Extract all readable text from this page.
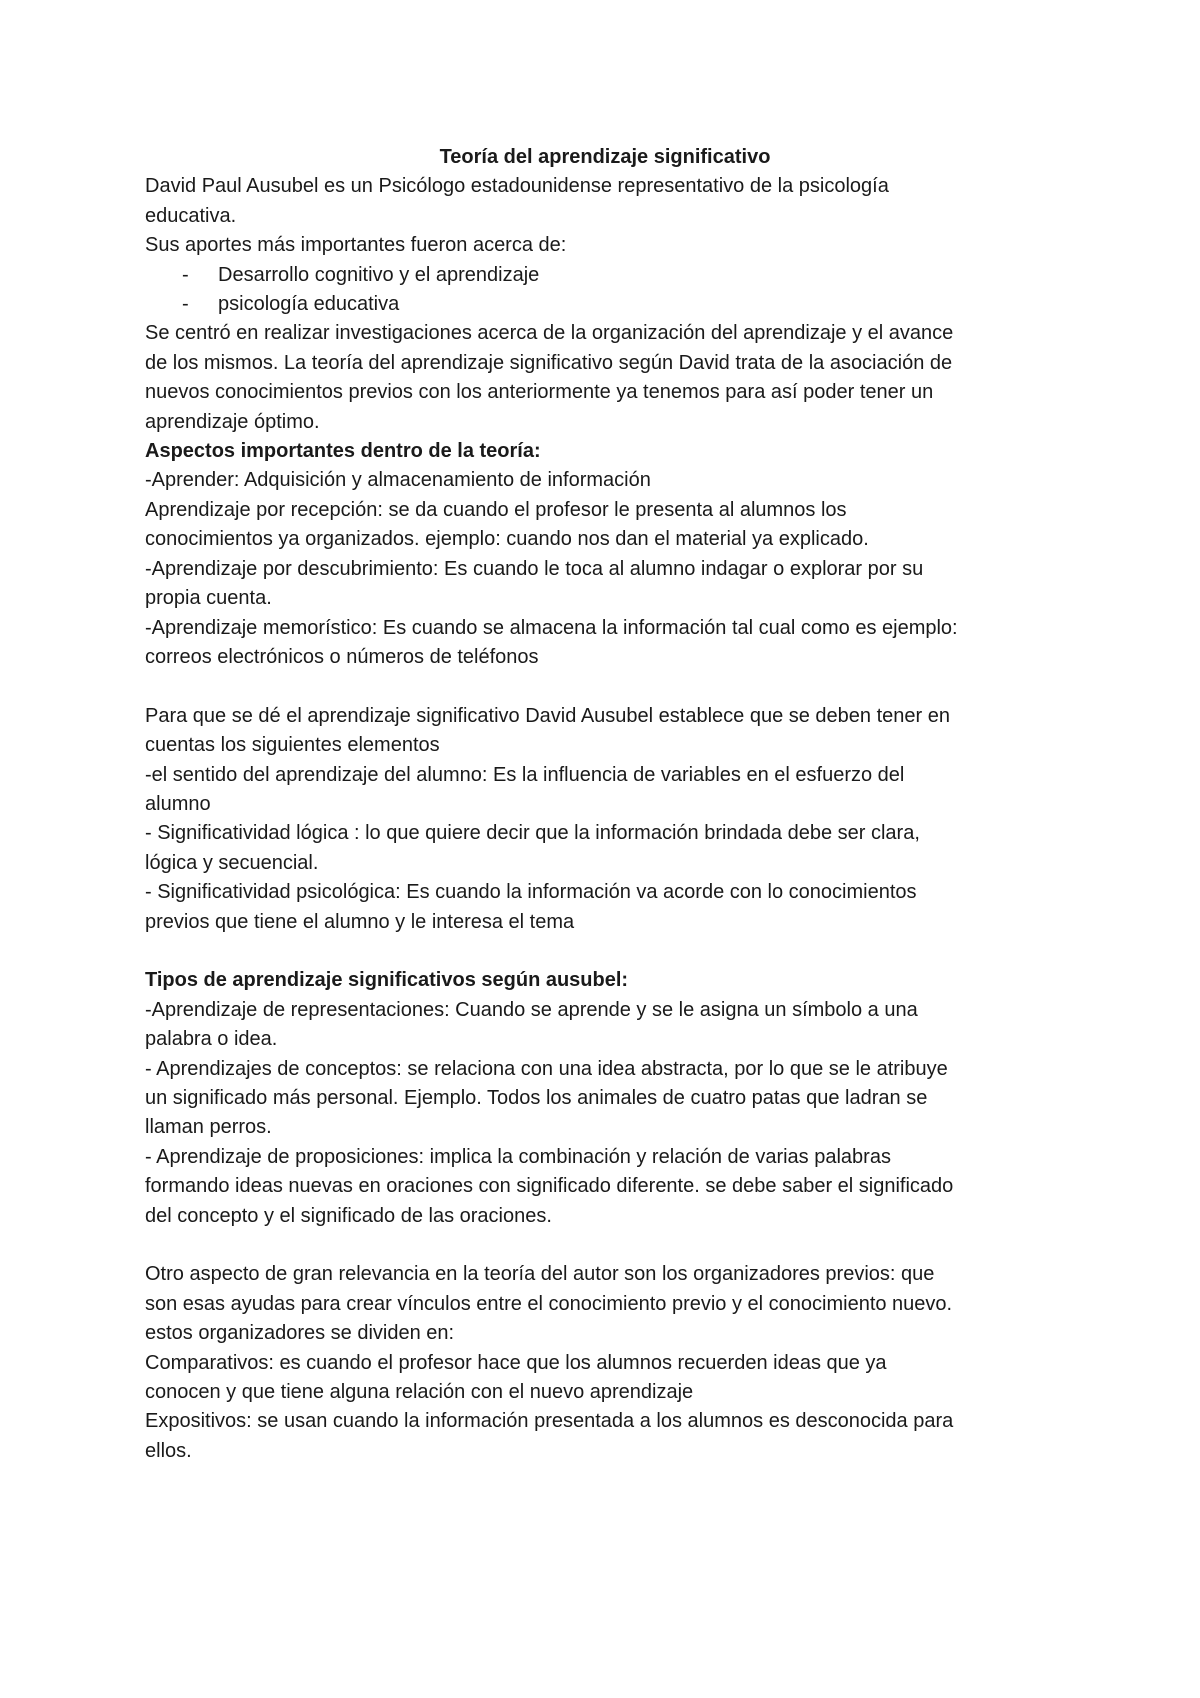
Teoría del aprendizaje significativo

David Paul Ausubel es un Psicólogo estadounidense representativo de la psicología

educativa.

Sus aportes más importantes fueron acerca de:

- Desarrollo cognitivo y el aprendizaje

- psicología educativa

Se centró en realizar investigaciones acerca de la organización del aprendizaje y el avance

de los mismos. La teoría del aprendizaje significativo según David trata de la asociación de

nuevos conocimientos previos con los anteriormente ya tenemos para así poder tener un

aprendizaje óptimo.

Aspectos importantes dentro de la teoría:

-Aprender: Adquisición y almacenamiento de información

Aprendizaje por recepción: se da cuando el profesor le presenta al alumnos los

conocimientos ya organizados. ejemplo: cuando nos dan el material ya explicado.

-Aprendizaje por descubrimiento: Es cuando le toca al alumno indagar o explorar por su

propia cuenta.

-Aprendizaje memorístico: Es cuando se almacena la información tal cual como es ejemplo:

correos electrónicos o números de teléfonos

Para que se dé el aprendizaje significativo David Ausubel establece que se deben tener en

cuentas los siguientes elementos

-el sentido del aprendizaje del alumno: Es la influencia de variables en el esfuerzo del

alumno

- Significatividad lógica : lo que quiere decir que la información brindada debe ser clara,

lógica y secuencial.

- Significatividad psicológica: Es cuando la información va acorde con lo conocimientos

previos que tiene el alumno y le interesa el tema

Tipos de aprendizaje significativos según ausubel:

-Aprendizaje de representaciones: Cuando se aprende y se le asigna un símbolo a una

palabra o idea.

- Aprendizajes de conceptos: se relaciona con una idea abstracta, por lo que se le atribuye

un significado más personal. Ejemplo. Todos los animales de cuatro patas que ladran se

llaman perros.

- Aprendizaje de proposiciones: implica la combinación y relación de varias palabras

formando ideas nuevas en oraciones con significado diferente. se debe saber el significado

del concepto y el significado de las oraciones.

Otro aspecto de gran relevancia en la teoría del autor son los organizadores previos: que

son esas ayudas para crear vínculos entre el conocimiento previo y el conocimiento nuevo.

estos organizadores se dividen en:

Comparativos: es cuando el profesor hace que los alumnos recuerden ideas que ya

conocen y que tiene alguna relación con el nuevo aprendizaje

Expositivos: se usan cuando la información presentada a los alumnos es desconocida para

ellos.
